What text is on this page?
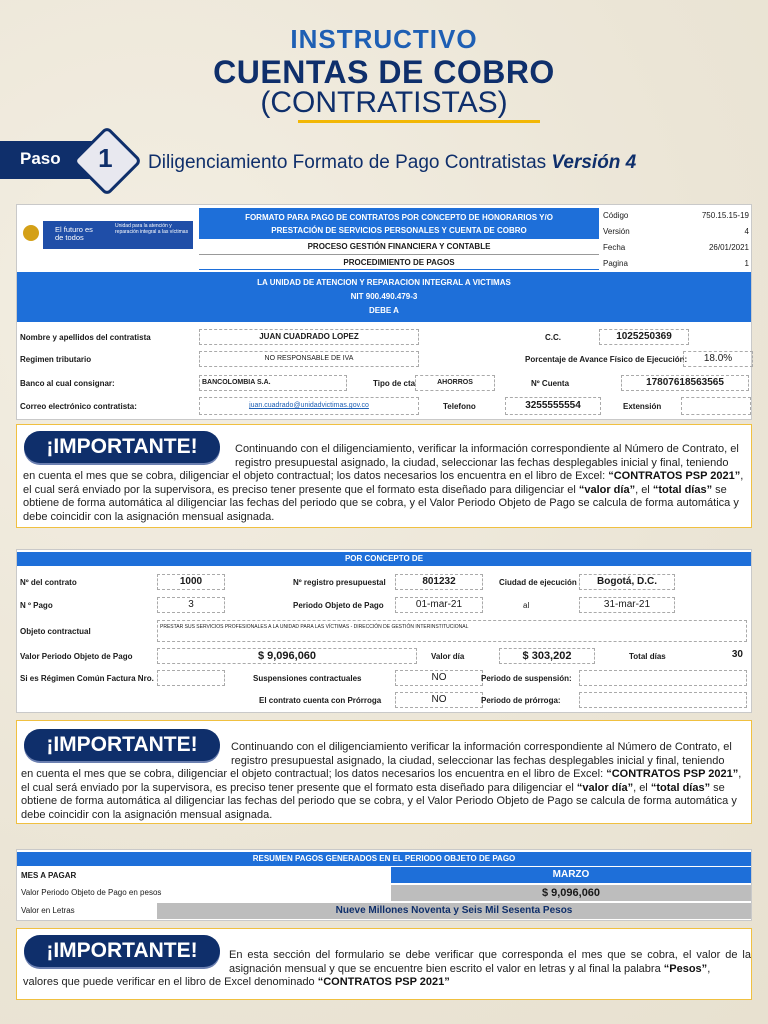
INSTRUCTIVO
CUENTAS DE COBRO
(CONTRATISTAS)
Paso 1 Diligenciamiento Formato de Pago Contratistas Versión 4
El futuro es de todos
Unidad para la atención y reparación integral a las víctimas
FORMATO PARA PAGO DE CONTRATOS POR CONCEPTO DE HONORARIOS Y/O
PRESTACIÓN DE SERVICIOS PERSONALES Y CUENTA DE COBRO
PROCESO GESTIÓN FINANCIERA Y CONTABLE
PROCEDIMIENTO DE PAGOS
Código	750.15.15-19
Versión	4
Fecha	26/01/2021
Pagina	1
LA UNIDAD DE ATENCION Y REPARACION INTEGRAL A VICTIMAS
NIT 900.490.479-3
DEBE A
Nombre y apellidos del contratista	JUAN CUADRADO LOPEZ	C.C.	1025250369
Regimen tributario	NO RESPONSABLE DE IVA	Porcentaje de Avance Físico de Ejecución:	18.0%
Banco al cual consignar:	BANCOLOMBIA S.A.	Tipo de cta	AHORROS	Nº Cuenta	17807618563565
Correo electrónico contratista:	juan.cuadrado@unidadvictimas.gov.co	Telefono	3255555554	Extensión
¡IMPORTANTE!	Continuando con el diligenciamiento, verificar la información correspondiente al Número de Contrato, el registro presupuestal asignado, la ciudad, seleccionar las fechas desplegables inicial y final, teniendo
en cuenta el mes que se cobra, diligenciar el objeto contractual; los datos necesarios los encuentra en el libro de Excel: “CONTRATOS PSP 2021”, el cual será enviado por la supervisora, es preciso tener presente que el formato esta diseñado para diligenciar el “valor día”, el “total días” se obtiene de forma automática al diligenciar las fechas del periodo que se cobra, y el Valor Periodo Objeto de Pago se calcula de forma automática y debe coincidir con la asignación mensual asignada.
POR CONCEPTO DE
Nº del contrato	1000	Nº registro presupuestal	801232	Ciudad de ejecución	Bogotá, D.C.
N º Pago	3	Periodo Objeto de Pago	01-mar-21	al	31-mar-21
Objeto contractual	PRESTAR SUS SERVICIOS PROFESIONALES A LA UNIDAD PARA LAS VÍCTIMAS - DIRECCIÓN DE GESTIÓN INTERINSTITUCIONAL
Valor Periodo Objeto de Pago	$ 9,096,060	Valor día	$ 303,202	Total días	30
Si es Régimen Común Factura Nro.	Suspensiones contractuales	NO	Periodo de suspensión:
El contrato cuenta con Prórroga	NO	Periodo de prórroga:
¡IMPORTANTE!	Continuando con el diligenciamiento verificar la información correspondiente al Número de Contrato, el registro presupuestal asignado, la ciudad, seleccionar las fechas desplegables inicial y final, teniendo
en cuenta el mes que se cobra, diligenciar el objeto contractual; los datos necesarios los encuentra en el libro de Excel: “CONTRATOS PSP 2021”, el cual será enviado por la supervisora, es preciso tener presente que el formato esta diseñado para diligenciar el “valor día”, el “total días” se obtiene de forma automática al diligenciar las fechas del periodo que se cobra, y el Valor Periodo Objeto de Pago se calcula de forma automática y debe coincidir con la asignación mensual asignada.
RESUMEN PAGOS GENERADOS EN EL PERIODO OBJETO DE PAGO
MES A PAGAR	MARZO
Valor Periodo Objeto de Pago en pesos	$ 9,096,060
Valor en Letras	Nueve Millones Noventa y Seis Mil Sesenta Pesos
¡IMPORTANTE!	En esta sección del formulario se debe verificar que corresponda el mes que se cobra, el valor de la asignación mensual y que se encuentre bien escrito el valor en letras y al final la palabra “Pesos”,
valores que puede verificar en el libro de Excel denominado “CONTRATOS PSP 2021”
